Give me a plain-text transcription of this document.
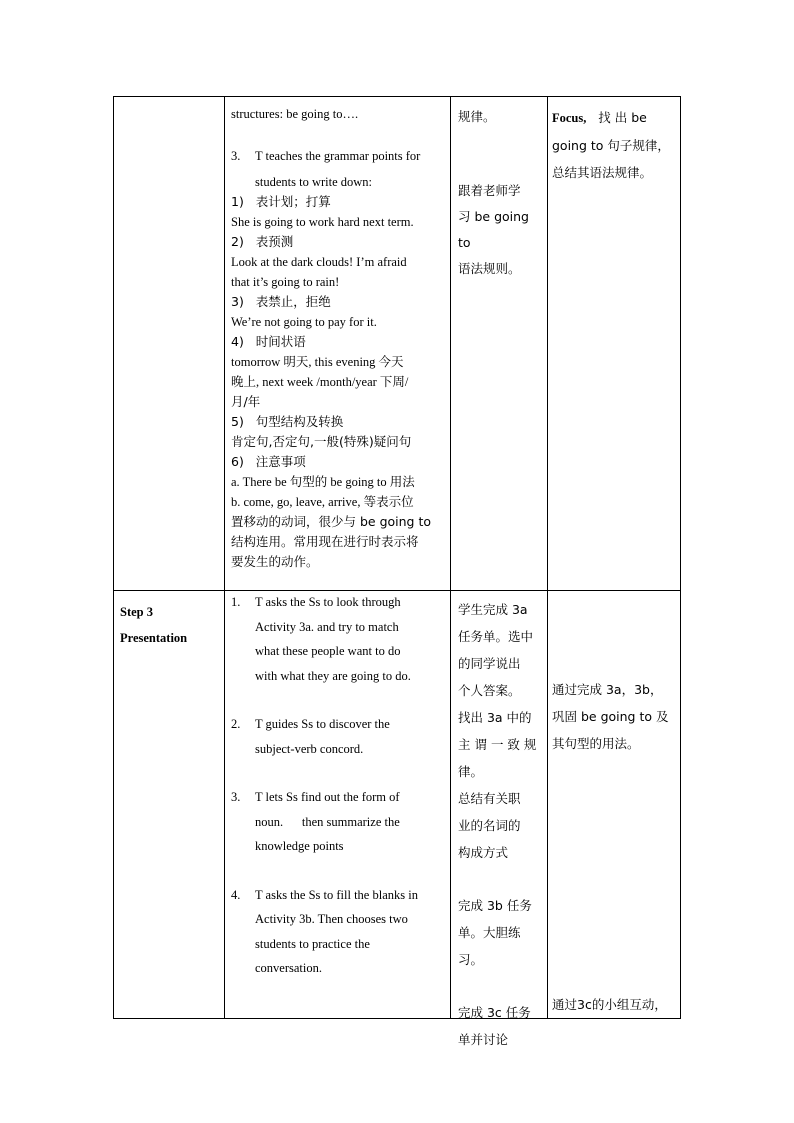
structures: be going to….

3. T teaches the grammar points for

students to write down:

1)   表计划；打算

She is going to work hard next term.

2)   表预测

Look at the dark clouds! I’m afraid

that it’s going to rain!

3)   表禁止，拒绝

We’re not going to pay for it.

4)   时间状语

tomorrow 明天, this evening 今天

晚上, next week /month/year 下周/

月/年

5)   句型结构及转换

肯定句,否定句,一般(特殊)疑问句

6)   注意事项

a. There be 句型的 be going to 用法

b. come, go, leave, arrive, 等表示位

置移动的动词，很少与 be going to

结构连用。常用现在进行时表示将

要发生的动作。

规律。

跟着老师学

习 be going to

语法规则。

Focus, 找 出 be

going to 句子规律，

总结其语法规律。

Step 3

Presentation

1. T asks the Ss to look through

Activity 3a. and try to match

what these people want to do

with what they are going to do.

2. T guides Ss to discover the

subject-verb concord.

3. T lets Ss find out the form of

noun.      then summarize the

knowledge points

4. T asks the Ss to fill the blanks in

Activity 3b. Then chooses two

students to practice the

conversation.

学生完成 3a

任务单。选中

的同学说出

个人答案。

找出 3a 中的

主 谓 一 致 规

律。

总结有关职

业的名词的

构成方式

完成 3b 任务

单。大胆练习。

完成 3c 任务

单并讨论

通过完成 3a，3b，

巩固 be going to 及

其句型的用法。

通过3c的小组互动，
